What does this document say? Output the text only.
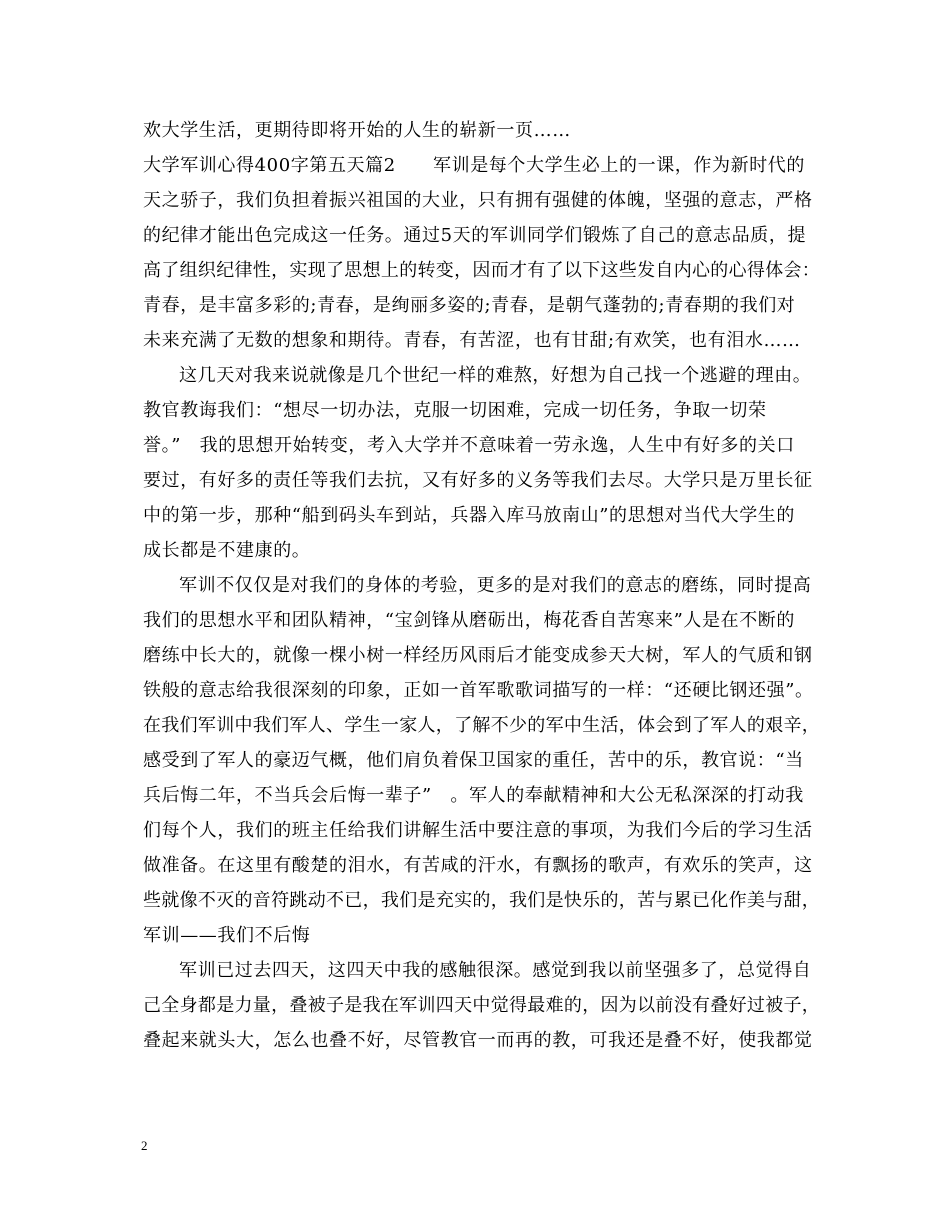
欢大学生活，更期待即将开始的人生的崭新一页……
大学军训心得400字第五天篇2　　军训是每个大学生必上的一课，作为新时代的
天之骄子，我们负担着振兴祖国的大业，只有拥有强健的体魄，坚强的意志，严格
的纪律才能出色完成这一任务。通过5天的军训同学们锻炼了自己的意志品质，提
高了组织纪律性，实现了思想上的转变，因而才有了以下这些发自内心的心得体会：
青春，是丰富多彩的;青春，是绚丽多姿的;青春，是朝气蓬勃的;青春期的我们对
未来充满了无数的想象和期待。青春，有苦涩，也有甘甜;有欢笑，也有泪水……
这几天对我来说就像是几个世纪一样的难熬，好想为自己找一个逃避的理由。
教官教诲我们：“想尽一切办法，克服一切困难，完成一切任务，争取一切荣
誉。”　我的思想开始转变，考入大学并不意味着一劳永逸，人生中有好多的关口
要过，有好多的责任等我们去抗，又有好多的义务等我们去尽。大学只是万里长征
中的第一步，那种“船到码头车到站，兵器入库马放南山”的思想对当代大学生的
成长都是不建康的。
军训不仅仅是对我们的身体的考验，更多的是对我们的意志的磨练，同时提高
我们的思想水平和团队精神，“宝剑锋从磨砺出，梅花香自苦寒来”人是在不断的
磨练中长大的，就像一棵小树一样经历风雨后才能变成参天大树，军人的气质和钢
铁般的意志给我很深刻的印象，正如一首军歌歌词描写的一样：“还硬比钢还强”。
在我们军训中我们军人、学生一家人，了解不少的军中生活，体会到了军人的艰辛，
感受到了军人的豪迈气概，他们肩负着保卫国家的重任，苦中的乐，教官说：“当
兵后悔二年，不当兵会后悔一辈子”　。军人的奉献精神和大公无私深深的打动我
们每个人，我们的班主任给我们讲解生活中要注意的事项，为我们今后的学习生活
做准备。在这里有酸楚的泪水，有苦咸的汗水，有飘扬的歌声，有欢乐的笑声，这
些就像不灭的音符跳动不已，我们是充实的，我们是快乐的，苦与累已化作美与甜，
军训——我们不后悔
军训已过去四天，这四天中我的感触很深。感觉到我以前坚强多了，总觉得自
己全身都是力量，叠被子是我在军训四天中觉得最难的，因为以前没有叠好过被子，
叠起来就头大，怎么也叠不好，尽管教官一而再的教，可我还是叠不好，使我都觉
2
